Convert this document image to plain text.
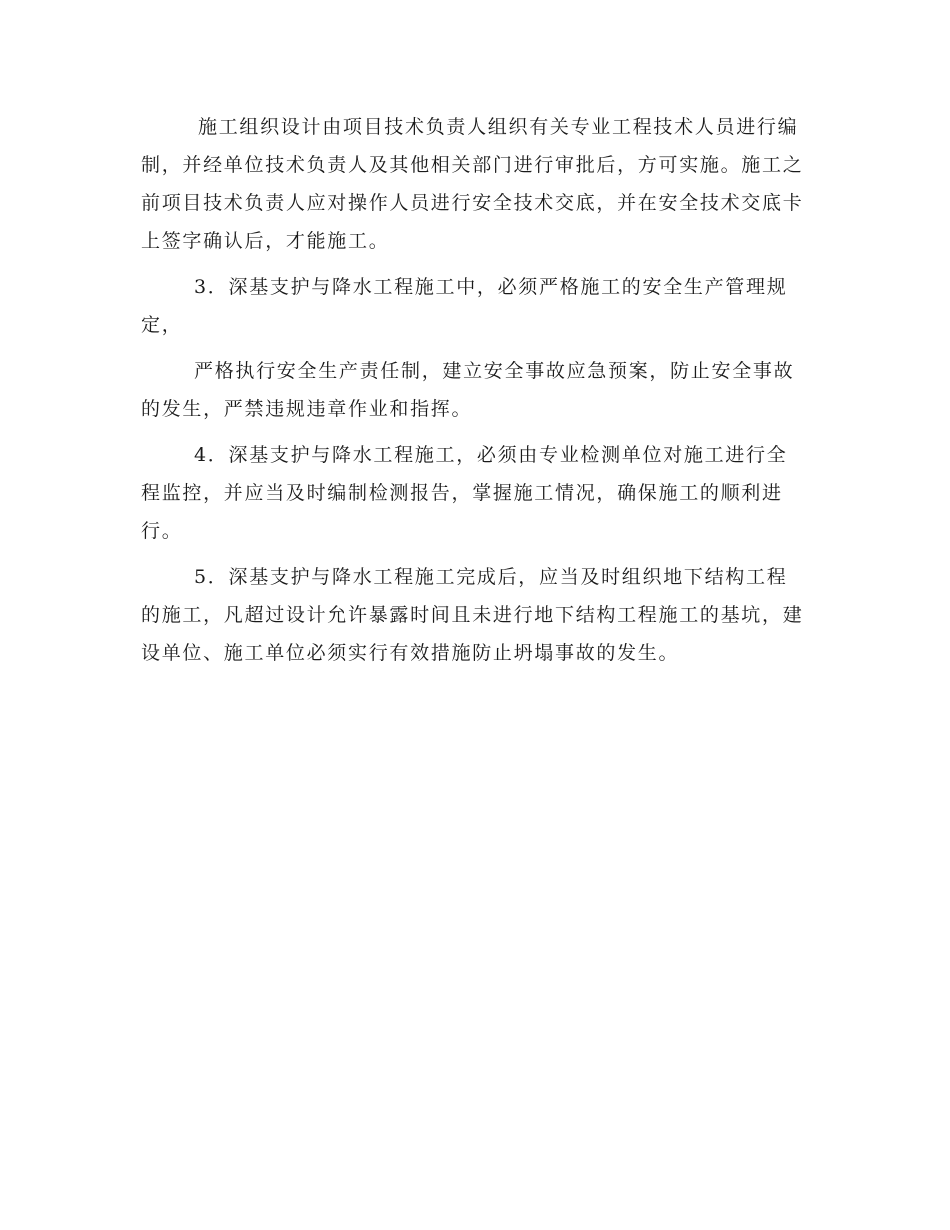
施工组织设计由项目技术负责人组织有关专业工程技术人员进行编制，并经单位技术负责人及其他相关部门进行审批后，方可实施。施工之前项目技术负责人应对操作人员进行安全技术交底，并在安全技术交底卡上签字确认后，才能施工。

3．深基支护与降水工程施工中，必须严格施工的安全生产管理规定，

严格执行安全生产责任制，建立安全事故应急预案，防止安全事故的发生，严禁违规违章作业和指挥。

4．深基支护与降水工程施工，必须由专业检测单位对施工进行全程监控，并应当及时编制检测报告，掌握施工情况，确保施工的顺利进行。

5．深基支护与降水工程施工完成后，应当及时组织地下结构工程的施工，凡超过设计允许暴露时间且未进行地下结构工程施工的基坑，建设单位、施工单位必须实行有效措施防止坍塌事故的发生。
